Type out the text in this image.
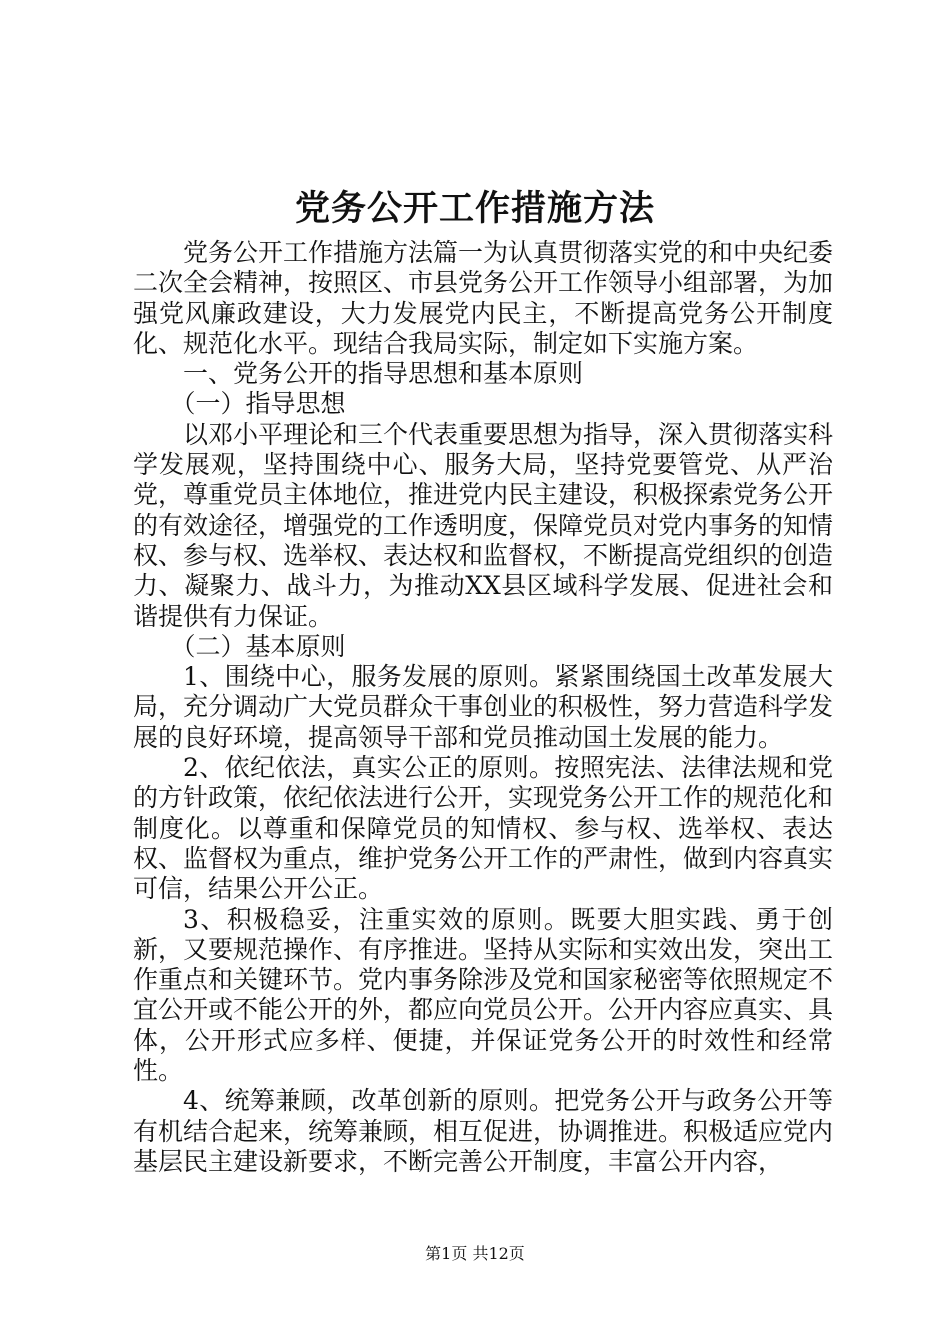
党务公开工作措施方法

党务公开工作措施方法篇一为认真贯彻落实党的和中央纪委二次全会精神，按照区、市县党务公开工作领导小组部署，为加强党风廉政建设，大力发展党内民主，不断提高党务公开制度化、规范化水平。现结合我局实际，制定如下实施方案。

一、党务公开的指导思想和基本原则

（一）指导思想

以邓小平理论和三个代表重要思想为指导，深入贯彻落实科学发展观，坚持围绕中心、服务大局，坚持党要管党、从严治党，尊重党员主体地位，推进党内民主建设，积极探索党务公开的有效途径，增强党的工作透明度，保障党员对党内事务的知情权、参与权、选举权、表达权和监督权，不断提高党组织的创造力、凝聚力、战斗力，为推动XX县区域科学发展、促进社会和谐提供有力保证。

（二）基本原则

1、围绕中心，服务发展的原则。紧紧围绕国土改革发展大局，充分调动广大党员群众干事创业的积极性，努力营造科学发展的良好环境，提高领导干部和党员推动国土发展的能力。

2、依纪依法，真实公正的原则。按照宪法、法律法规和党的方针政策，依纪依法进行公开，实现党务公开工作的规范化和制度化。以尊重和保障党员的知情权、参与权、选举权、表达权、监督权为重点，维护党务公开工作的严肃性，做到内容真实可信，结果公开公正。

3、积极稳妥，注重实效的原则。既要大胆实践、勇于创新，又要规范操作、有序推进。坚持从实际和实效出发，突出工作重点和关键环节。党内事务除涉及党和国家秘密等依照规定不宜公开或不能公开的外，都应向党员公开。公开内容应真实、具体，公开形式应多样、便捷，并保证党务公开的时效性和经常性。

4、统筹兼顾，改革创新的原则。把党务公开与政务公开等有机结合起来，统筹兼顾，相互促进，协调推进。积极适应党内基层民主建设新要求，不断完善公开制度，丰富公开内容，

第1页 共12页
